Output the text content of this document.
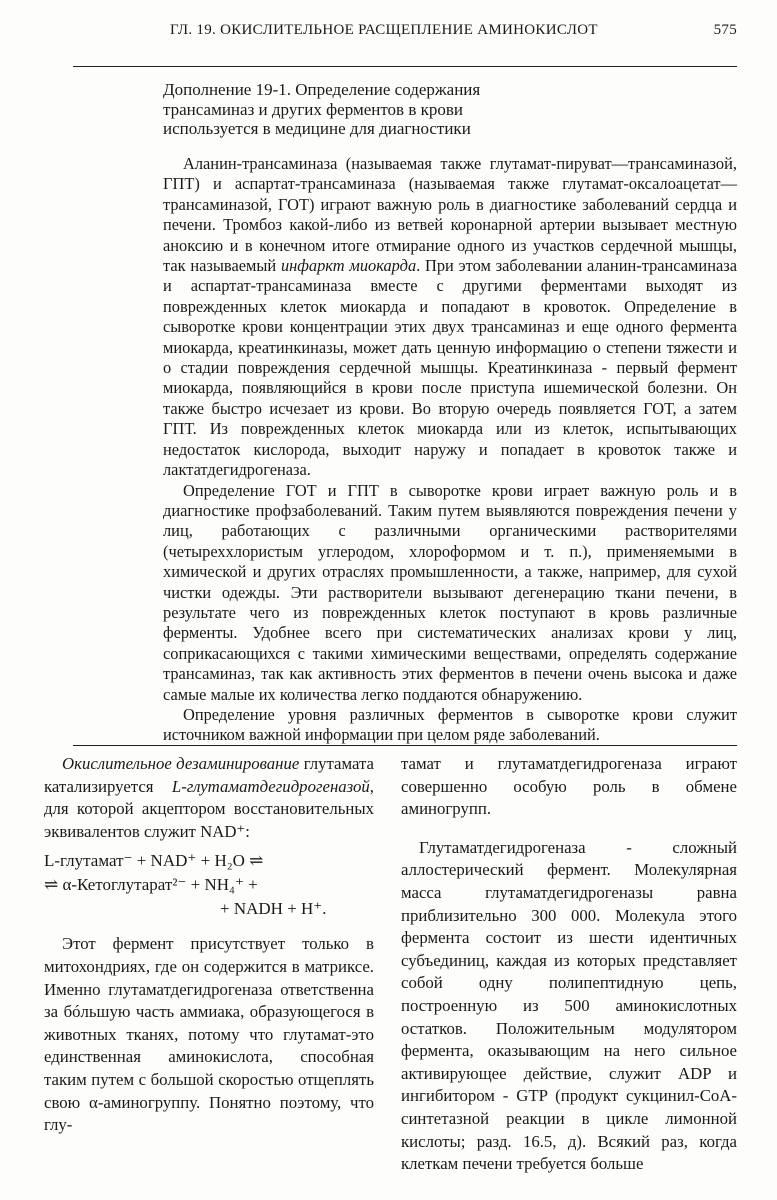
ГЛ. 19. ОКИСЛИТЕЛЬНОЕ РАСЩЕПЛЕНИЕ АМИНОКИСЛОТ	575
Дополнение 19-1. Определение содержания
трансаминаз и других ферментов в крови
используется в медицине для диагностики

Аланин-трансаминаза (называемая также глутамат-пируват—трансаминазой, ГПТ) и аспартат-трансаминаза (называемая также глутамат-оксалоацетат—трансаминазой, ГОТ) играют важную роль в диагностике заболеваний сердца и печени. Тромбоз какой-либо из ветвей коронарной артерии вызывает местную аноксию и в конечном итоге отмирание одного из участков сердечной мышцы, так называемый инфаркт миокарда. При этом заболевании аланин-трансаминаза и аспартат-трансаминаза вместе с другими ферментами выходят из поврежденных клеток миокарда и попадают в кровоток. Определение в сыворотке крови концентрации этих двух трансаминаз и еще одного фермента миокарда, креатинкиназы, может дать ценную информацию о степени тяжести и о стадии повреждения сердечной мышцы. Креатинкиназа - первый фермент миокарда, появляющийся в крови после приступа ишемической болезни. Он также быстро исчезает из крови. Во вторую очередь появляется ГОТ, а затем ГПТ. Из поврежденных клеток миокарда или из клеток, испытывающих недостаток кислорода, выходит наружу и попадает в кровоток также и лактатдегидрогеназа.

Определение ГОТ и ГПТ в сыворотке крови играет важную роль и в диагностике профзаболеваний. Таким путем выявляются повреждения печени у лиц, работающих с различными органическими растворителями (четыреххлористым углеродом, хлороформом и т. п.), применяемыми в химической и других отраслях промышленности, а также, например, для сухой чистки одежды. Эти растворители вызывают дегенерацию ткани печени, в результате чего из поврежденных клеток поступают в кровь различные ферменты. Удобнее всего при систематических анализах крови у лиц, соприкасающихся с такими химическими веществами, определять содержание трансаминаз, так как активность этих ферментов в печени очень высока и даже самые малые их количества легко поддаются обнаружению.

Определение уровня различных ферментов в сыворотке крови служит источником важной информации при целом ряде заболеваний.

Окислительное дезаминирование глутамата катализируется L-глутаматдегидрогеназой, для которой акцептором восстановительных эквивалентов служит NAD⁺:

L-глутамат⁻ + NAD⁺ + H₂O ⇌
⇌ α-Кетоглутарат²⁻ + NH₄⁺ +
+ NADH + H⁺.

Этот фермент присутствует только в митохондриях, где он содержится в матриксе. Именно глутаматдегидрогеназа ответственна за бóльшую часть аммиака, образующегося в животных тканях, потому что глутамат-это единственная аминокислота, способная таким путем с большой скоростью отщеплять свою α-аминогруппу. Понятно поэтому, что глу-

тамат и глутаматдегидрогеназа играют совершенно особую роль в обмене аминогрупп.

Глутаматдегидрогеназа - сложный аллостерический фермент. Молекулярная масса глутаматдегидрогеназы равна приблизительно 300 000. Молекула этого фермента состоит из шести идентичных субъединиц, каждая из которых представляет собой одну полипептидную цепь, построенную из 500 аминокислотных остатков. Положительным модулятором фермента, оказывающим на него сильное активирующее действие, служит ADP и ингибитором - GTP (продукт сукцинил-CoA-синтетазной реакции в цикле лимонной кислоты; разд. 16.5, д). Всякий раз, когда клеткам печени требуется больше
